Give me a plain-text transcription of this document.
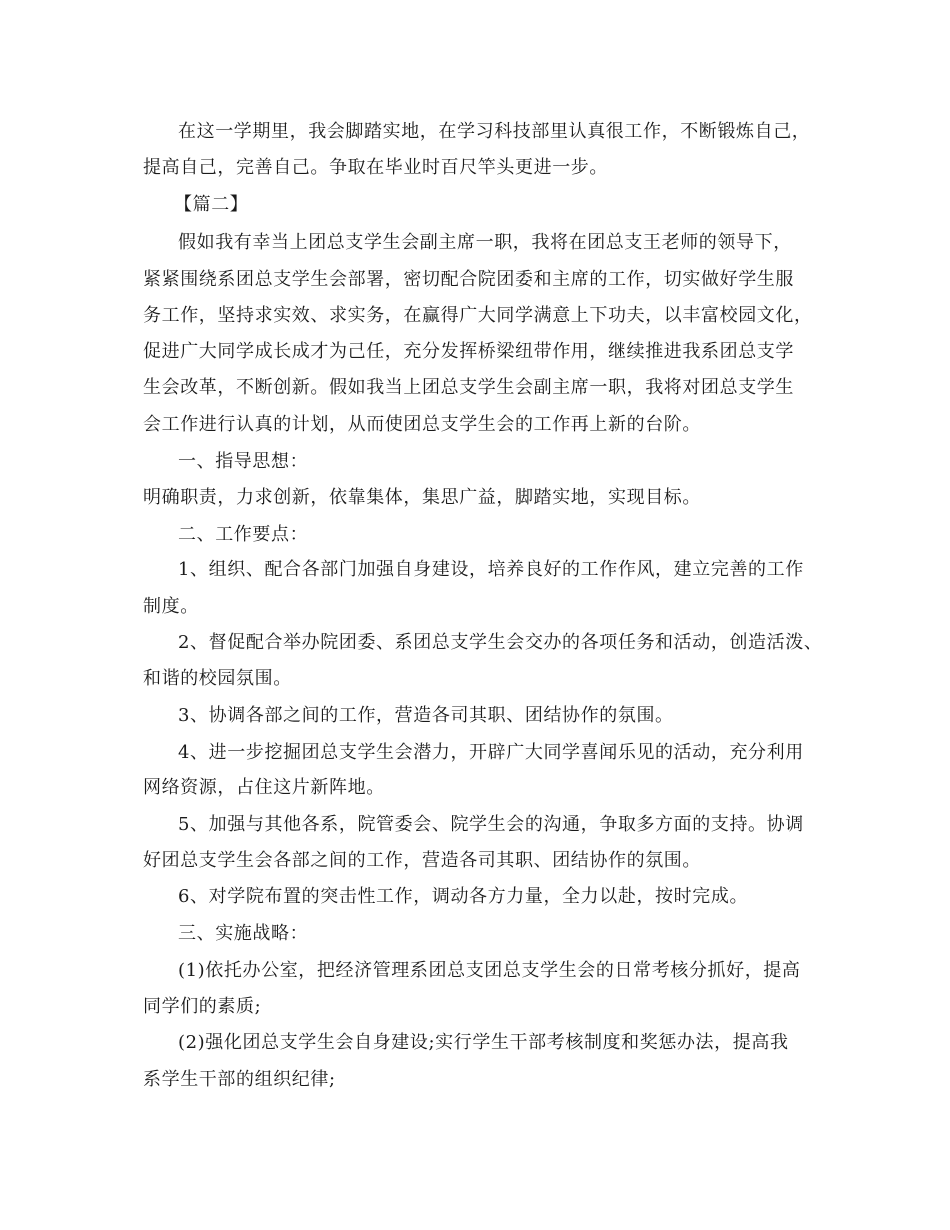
在这一学期里，我会脚踏实地，在学习科技部里认真很工作，不断锻炼自己，
提高自己，完善自己。争取在毕业时百尺竿头更进一步。
【篇二】
假如我有幸当上团总支学生会副主席一职，我将在团总支王老师的领导下，
紧紧围绕系团总支学生会部署，密切配合院团委和主席的工作，切实做好学生服
务工作，坚持求实效、求实务，在赢得广大同学满意上下功夫，以丰富校园文化，
促进广大同学成长成才为己任，充分发挥桥梁纽带作用，继续推进我系团总支学
生会改革，不断创新。假如我当上团总支学生会副主席一职，我将对团总支学生
会工作进行认真的计划，从而使团总支学生会的工作再上新的台阶。
一、指导思想：
明确职责，力求创新，依靠集体，集思广益，脚踏实地，实现目标。
二、工作要点：
1、组织、配合各部门加强自身建设，培养良好的工作作风，建立完善的工作
制度。
2、督促配合举办院团委、系团总支学生会交办的各项任务和活动，创造活泼、
和谐的校园氛围。
3、协调各部之间的工作，营造各司其职、团结协作的氛围。
4、进一步挖掘团总支学生会潜力，开辟广大同学喜闻乐见的活动，充分利用
网络资源，占住这片新阵地。
5、加强与其他各系，院管委会、院学生会的沟通，争取多方面的支持。协调
好团总支学生会各部之间的工作，营造各司其职、团结协作的氛围。
6、对学院布置的突击性工作，调动各方力量，全力以赴，按时完成。
三、实施战略：
(1)依托办公室，把经济管理系团总支团总支学生会的日常考核分抓好，提高
同学们的素质;
(2)强化团总支学生会自身建设;实行学生干部考核制度和奖惩办法，提高我
系学生干部的组织纪律;
